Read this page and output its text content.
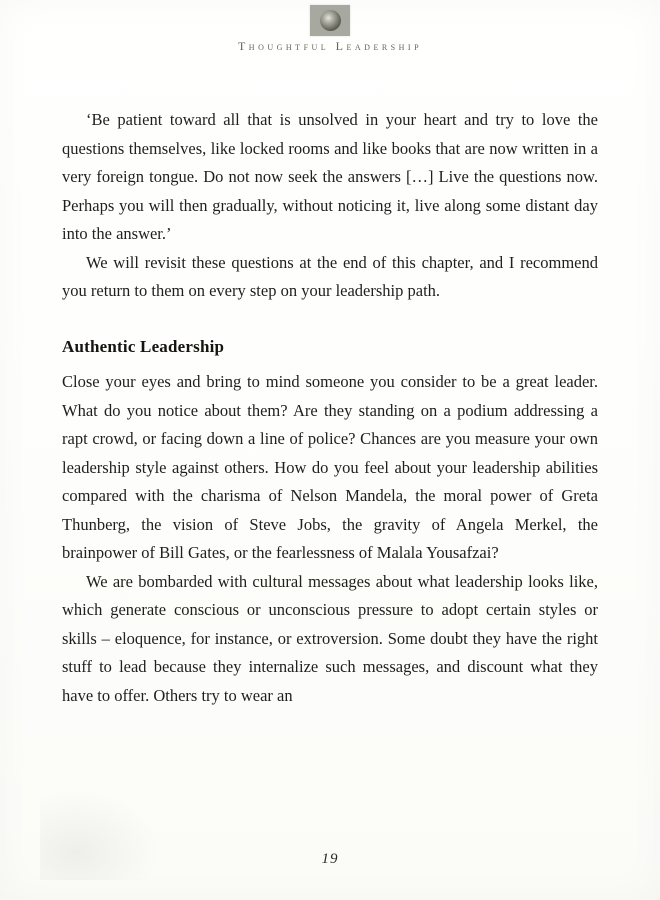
Thoughtful Leadership

‘Be patient toward all that is unsolved in your heart and try to love the questions themselves, like locked rooms and like books that are now written in a very foreign tongue. Do not now seek the answers […] Live the questions now. Perhaps you will then gradually, without noticing it, live along some distant day into the answer.’

We will revisit these questions at the end of this chapter, and I recommend you return to them on every step on your leadership path.

Authentic Leadership

Close your eyes and bring to mind someone you consider to be a great leader. What do you notice about them? Are they standing on a podium addressing a rapt crowd, or facing down a line of police? Chances are you measure your own leadership style against others. How do you feel about your leadership abilities compared with the charisma of Nelson Mandela, the moral power of Greta Thunberg, the vision of Steve Jobs, the gravity of Angela Merkel, the brainpower of Bill Gates, or the fearlessness of Malala Yousafzai?

We are bombarded with cultural messages about what leadership looks like, which generate conscious or unconscious pressure to adopt certain styles or skills – eloquence, for instance, or extroversion. Some doubt they have the right stuff to lead because they internalize such messages, and discount what they have to offer. Others try to wear an

19
